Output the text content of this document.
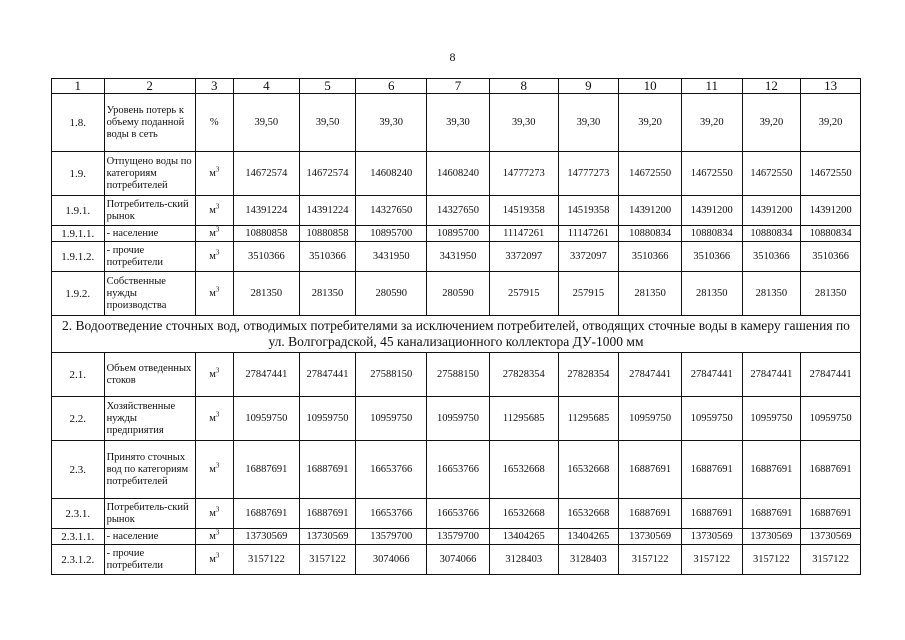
8
1	2	3	4	5	6	7	8	9	10	11	12	13
1.8.	Уровень потерь к объему поданной воды в сеть	%	39,50	39,50	39,30	39,30	39,30	39,30	39,20	39,20	39,20	39,20
1.9.	Отпущено воды по категориям потребителей	$м^3$	14672574	14672574	14608240	14608240	14777273	14777273	14672550	14672550	14672550	14672550
1.9.1.	Потребитель-ский рынок	$м^3$	14391224	14391224	14327650	14327650	14519358	14519358	14391200	14391200	14391200	14391200
1.9.1.1.	- население	$м^3$	10880858	10880858	10895700	10895700	11147261	11147261	10880834	10880834	10880834	10880834
1.9.1.2.	- прочие потребители	$м^3$	3510366	3510366	3431950	3431950	3372097	3372097	3510366	3510366	3510366	3510366
1.9.2.	Собственные нужды производства	$м^3$	281350	281350	280590	280590	257915	257915	281350	281350	281350	281350
2. Водоотведение сточных вод, отводимых потребителями за исключением потребителей, отводящих сточные воды в камеру гашения по ул. Волгоградской, 45 канализационного коллектора ДУ-1000 мм												
2.1.	Объем отведенных стоков	$м^3$	27847441	27847441	27588150	27588150	27828354	27828354	27847441	27847441	27847441	27847441
2.2.	Хозяйственные нужды предприятия	$м^3$	10959750	10959750	10959750	10959750	11295685	11295685	10959750	10959750	10959750	10959750
2.3.	Принято сточных вод по категориям потребителей	$м^3$	16887691	16887691	16653766	16653766	16532668	16532668	16887691	16887691	16887691	16887691
2.3.1.	Потребитель-ский рынок	$м^3$	16887691	16887691	16653766	16653766	16532668	16532668	16887691	16887691	16887691	16887691
2.3.1.1.	- население	$м^3$	13730569	13730569	13579700	13579700	13404265	13404265	13730569	13730569	13730569	13730569
2.3.1.2.	- прочие потребители	$м^3$	3157122	3157122	3074066	3074066	3128403	3128403	3157122	3157122	3157122	3157122
